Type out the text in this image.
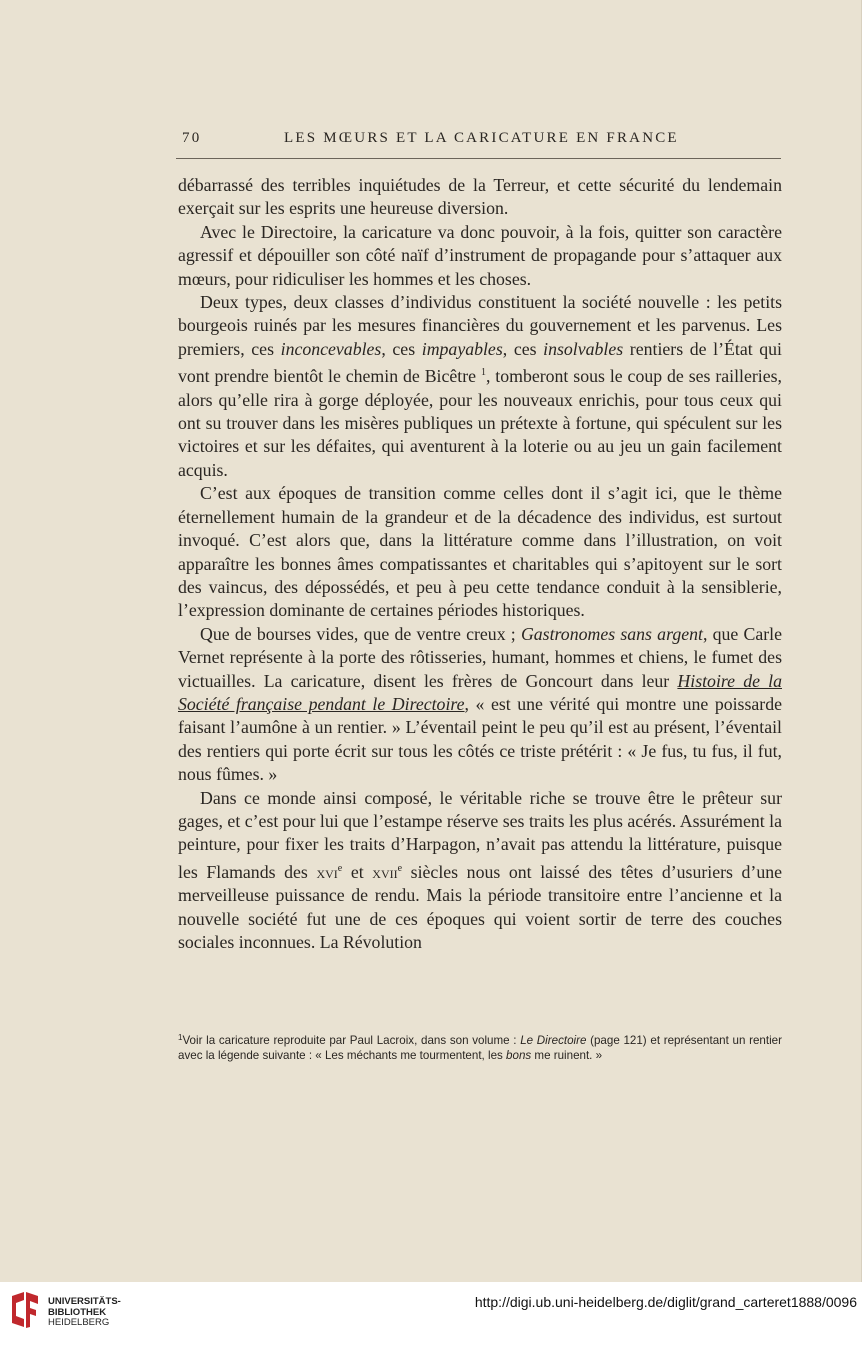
70	LES MŒURS ET LA CARICATURE EN FRANCE

débarrassé des terribles inquiétudes de la Terreur, et cette sécurité du lendemain exerçait sur les esprits une heureuse diversion.

Avec le Directoire, la caricature va donc pouvoir, à la fois, quitter son caractère agressif et dépouiller son côté naïf d’instrument de propagande pour s’attaquer aux mœurs, pour ridiculiser les hommes et les choses.

Deux types, deux classes d’individus constituent la société nouvelle : les petits bourgeois ruinés par les mesures financières du gouvernement et les parvenus. Les premiers, ces inconcevables, ces impayables, ces insolvables rentiers de l’État qui vont prendre bientôt le chemin de Bicêtre $^1$, tomberont sous le coup de ses railleries, alors qu’elle rira à gorge déployée, pour les nouveaux enrichis, pour tous ceux qui ont su trouver dans les misères publiques un prétexte à fortune, qui spéculent sur les victoires et sur les défaites, qui aventurent à la loterie ou au jeu un gain facilement acquis.

C’est aux époques de transition comme celles dont il s’agit ici, que le thème éternellement humain de la grandeur et de la décadence des individus, est surtout invoqué. C’est alors que, dans la littérature comme dans l’illustration, on voit apparaître les bonnes âmes compatissantes et charitables qui s’apitoyent sur le sort des vaincus, des dépossédés, et peu à peu cette tendance conduit à la sensiblerie, l’expression dominante de certaines périodes historiques.

Que de bourses vides, que de ventre creux ; Gastronomes sans argent, que Carle Vernet représente à la porte des rôtisseries, humant, hommes et chiens, le fumet des victuailles. La caricature, disent les frères de Goncourt dans leur Histoire de la Société française pendant le Directoire, « est une vérité qui montre une poissarde faisant l’aumône à un rentier. » L’éventail peint le peu qu’il est au présent, l’éventail des rentiers qui porte écrit sur tous les côtés ce triste prétérit : « Je fus, tu fus, il fut, nous fûmes. »

Dans ce monde ainsi composé, le véritable riche se trouve être le prêteur sur gages, et c’est pour lui que l’estampe réserve ses traits les plus acérés. Assurément la peinture, pour fixer les traits d’Harpagon, n’avait pas attendu la littérature, puisque les Flamands des xvi$^e$ et xvii$^e$ siècles nous ont laissé des têtes d’usuriers d’une merveilleuse puissance de rendu. Mais la période transitoire entre l’ancienne et la nouvelle société fut une de ces époques qui voient sortir de terre des couches sociales inconnues. La Révolution

$^1$Voir la caricature reproduite par Paul Lacroix, dans son volume : Le Directoire (page 121) et représentant un rentier avec la légende suivante : « Les méchants me tourmentent, les bons me ruinent. »
UNIVERSITÄTS-
BIBLIOTHEK
HEIDELBERG
http://digi.ub.uni-heidelberg.de/diglit/grand_carteret1888/0096
